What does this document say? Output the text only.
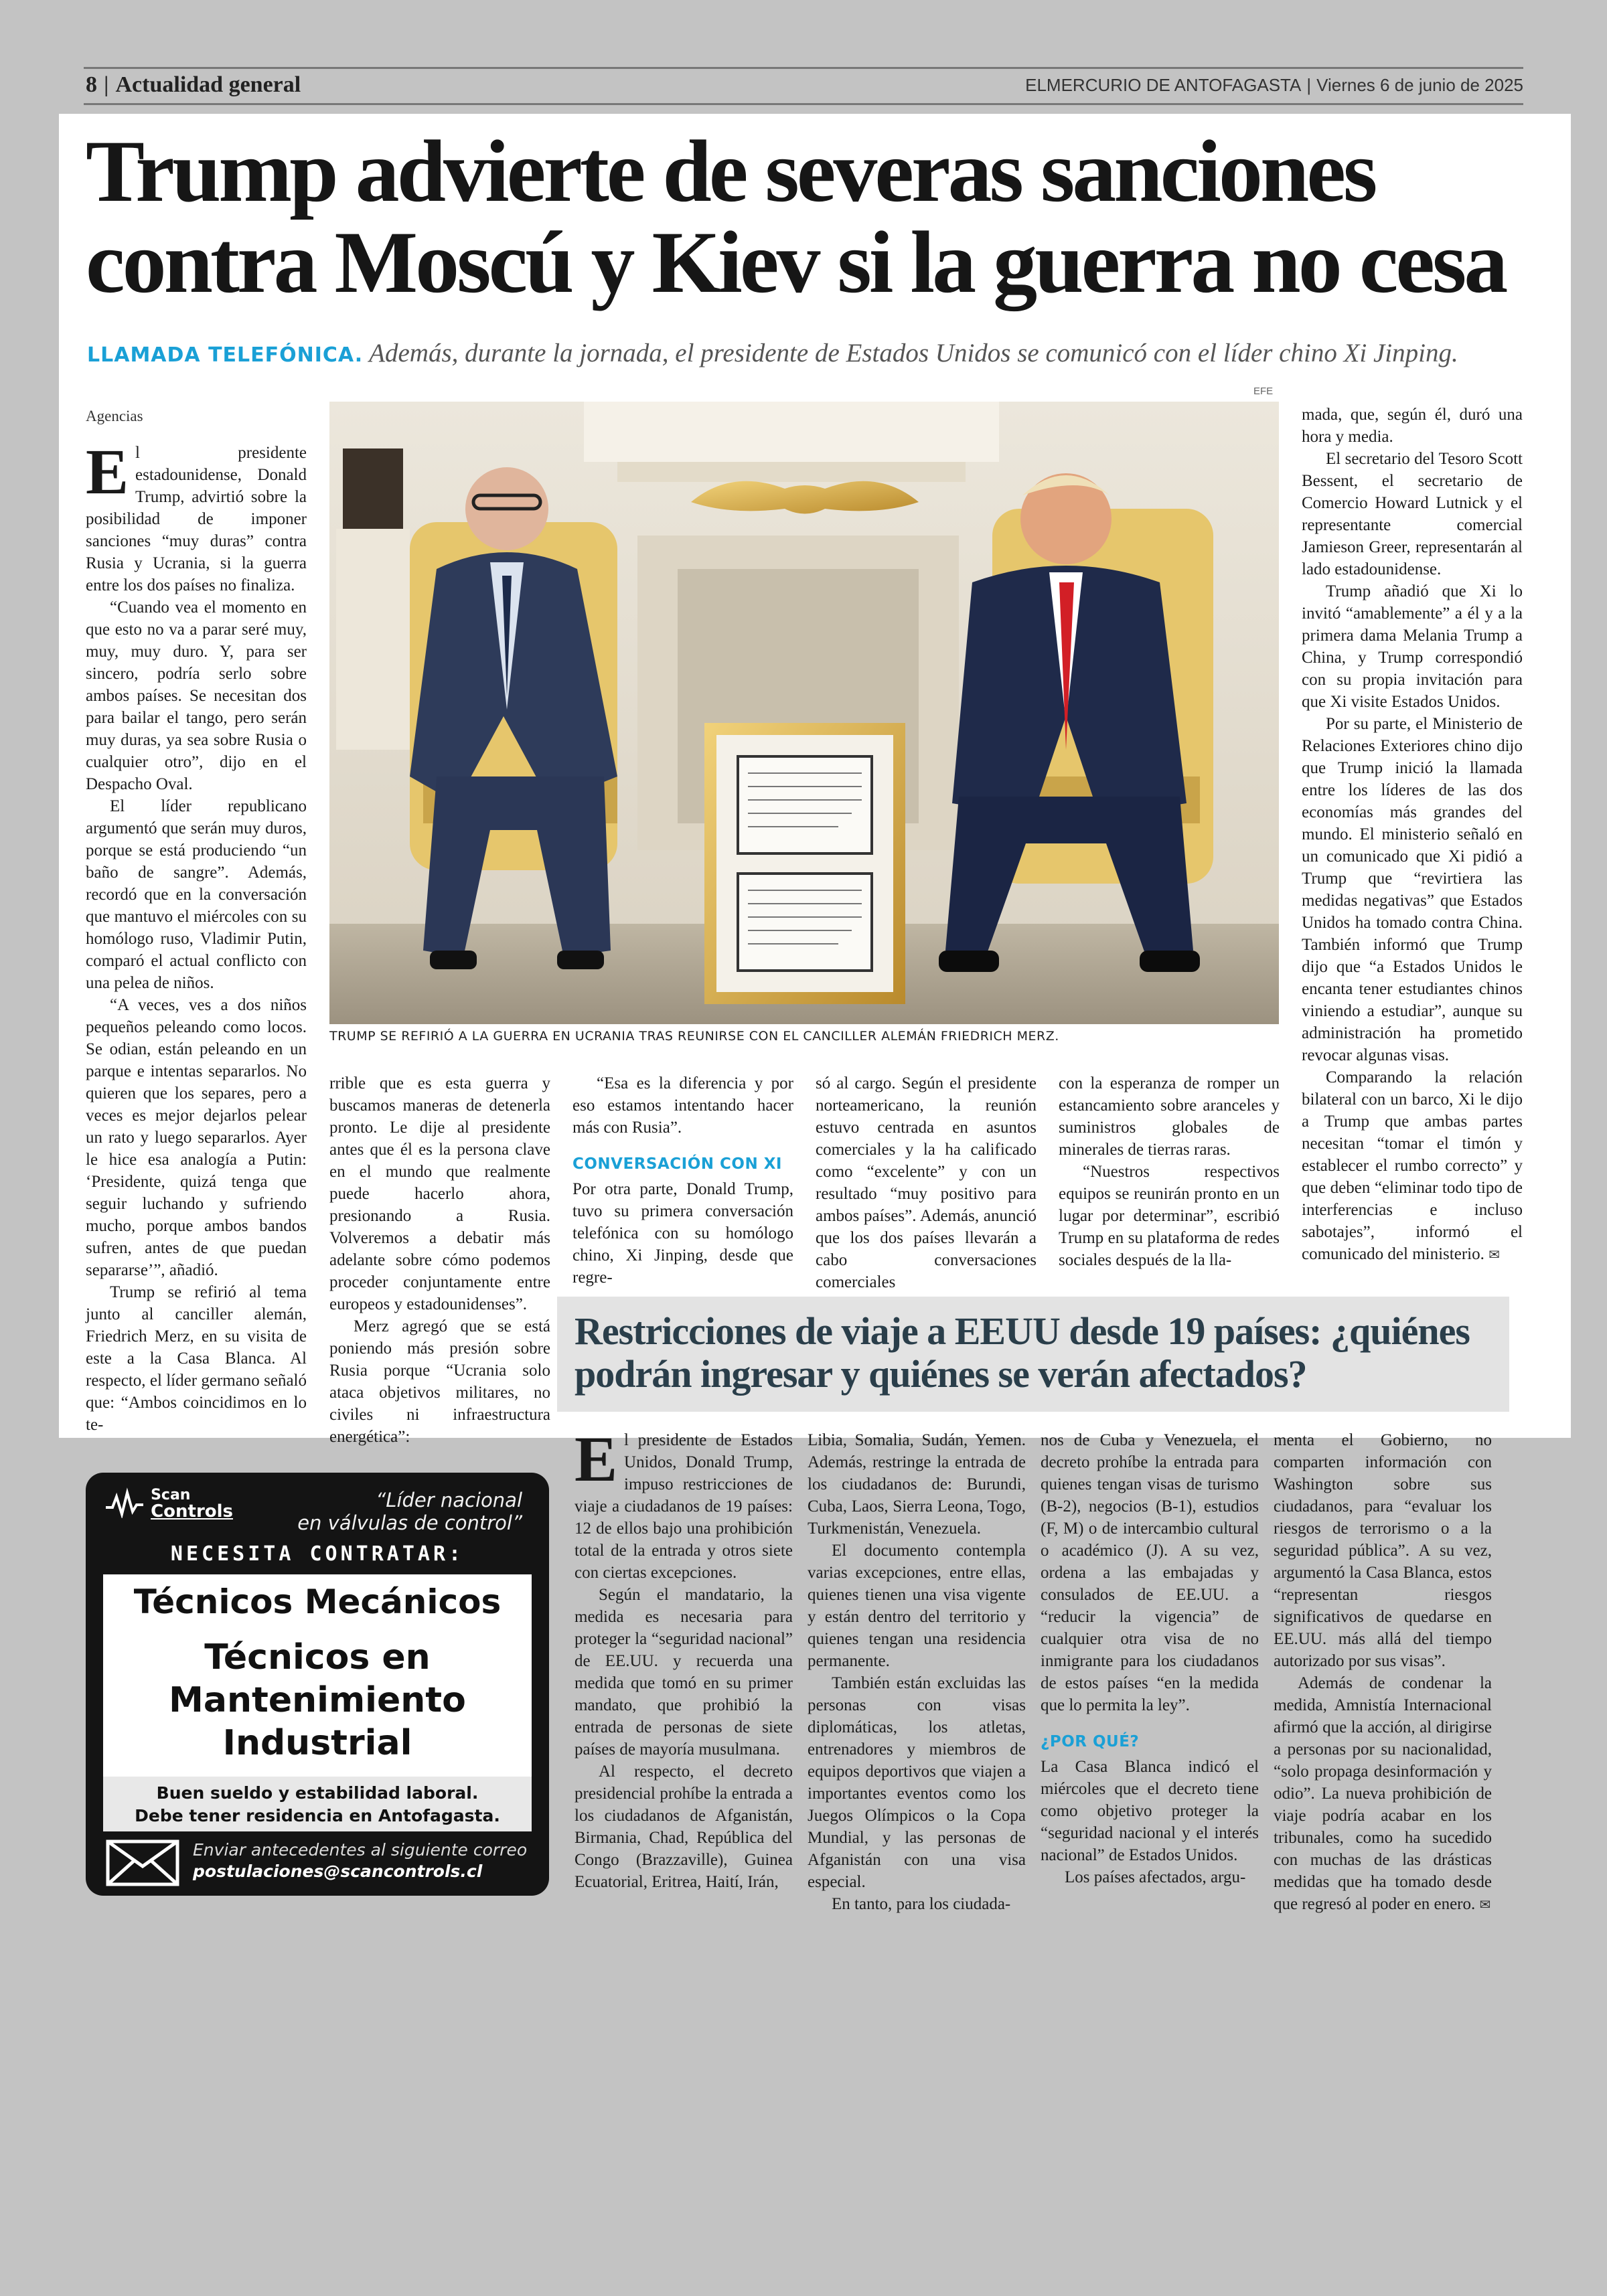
8 | Actualidad general	ELMERCURIO DE ANTOFAGASTA | Viernes 6 de junio de 2025
Trump advierte de severas sanciones
contra Moscú y Kiev si la guerra no cesa
LLAMADA TELEFÓNICA. Además, durante la jornada, el presidente de Estados Unidos se comunicó con el líder chino Xi Jinping.
EFE

Agencias

El presidente estadounidense, Donald Trump, advirtió sobre la posibilidad de imponer sanciones “muy duras” contra Rusia y Ucrania, si la guerra entre los dos países no finaliza.

“Cuando vea el momento en que esto no va a parar seré muy, muy, muy duro. Y, para ser sincero, podría serlo sobre ambos países. Se necesitan dos para bailar el tango, pero serán muy duras, ya sea sobre Rusia o cualquier otro”, dijo en el Despacho Oval.

El líder republicano argumentó que serán muy duros, porque se está produciendo “un baño de sangre”. Además, recordó que en la conversación que mantuvo el miércoles con su homólogo ruso, Vladimir Putin, comparó el actual conflicto con una pelea de niños.

“A veces, ves a dos niños pequeños peleando como locos. Se odian, están peleando en un parque e intentas separarlos. No quieren que los separes, pero a veces es mejor dejarlos pelear un rato y luego separarlos. Ayer le hice esa analogía a Putin: ‘Presidente, quizá tenga que seguir luchando y sufriendo mucho, porque ambos bandos sufren, antes de que puedan separarse’”, añadió.

Trump se refirió al tema junto al canciller alemán, Friedrich Merz, en su visita de este a la Casa Blanca. Al respecto, el líder germano señaló que: “Ambos coincidimos en lo te-

TRUMP SE REFIRIÓ A LA GUERRA EN UCRANIA TRAS REUNIRSE CON EL CANCILLER ALEMÁN FRIEDRICH MERZ.

rrible que es esta guerra y buscamos maneras de detenerla pronto. Le dije al presidente antes que él es la persona clave en el mundo que realmente puede hacerlo ahora, presionando a Rusia. Volveremos a debatir más adelante sobre cómo podemos proceder conjuntamente entre europeos y estadounidenses”.

Merz agregó que se está poniendo más presión sobre Rusia porque “Ucrania solo ataca objetivos militares, no civiles ni infraestructura energética”:

“Esa es la diferencia y por eso estamos intentando hacer más con Rusia”.

CONVERSACIÓN CON XI

Por otra parte, Donald Trump, tuvo su primera conversación telefónica con su homólogo chino, Xi Jinping, desde que regre-

só al cargo. Según el presidente norteamericano, la reunión estuvo centrada en asuntos comerciales y la ha calificado como “excelente” y con un resultado “muy positivo para ambos países”. Además, anunció que los dos países llevarán a cabo conversaciones comerciales

con la esperanza de romper un estancamiento sobre aranceles y suministros globales de minerales de tierras raras.

“Nuestros respectivos equipos se reunirán pronto en un lugar por determinar”, escribió Trump en su plataforma de redes sociales después de la lla-

mada, que, según él, duró una hora y media.

El secretario del Tesoro Scott Bessent, el secretario de Comercio Howard Lutnick y el representante comercial Jamieson Greer, representarán al lado estadounidense.

Trump añadió que Xi lo invitó “amablemente” a él y a la primera dama Melania Trump a China, y Trump correspondió con su propia invitación para que Xi visite Estados Unidos.

Por su parte, el Ministerio de Relaciones Exteriores chino dijo que Trump inició la llamada entre los líderes de las dos economías más grandes del mundo. El ministerio señaló en un comunicado que Xi pidió a Trump que “revirtiera las medidas negativas” que Estados Unidos ha tomado contra China. También informó que Trump dijo que “a Estados Unidos le encanta tener estudiantes chinos viniendo a estudiar”, aunque su administración ha prometido revocar algunas visas.

Comparando la relación bilateral con un barco, Xi le dijo a Trump que ambas partes necesitan “tomar el timón y establecer el rumbo correcto” y que deben “eliminar todo tipo de interferencias e incluso sabotajes”, informó el comunicado del ministerio. ✉

Restricciones de viaje a EEUU desde 19 países: ¿quiénes podrán ingresar y quiénes se verán afectados?

El presidente de Estados Unidos, Donald Trump, impuso restricciones de viaje a ciudadanos de 19 países: 12 de ellos bajo una prohibición total de la entrada y otros siete con ciertas excepciones.

Según el mandatario, la medida es necesaria para proteger la “seguridad nacional” de EE.UU. y recuerda una medida que tomó en su primer mandato, que prohibió la entrada de personas de siete países de mayoría musulmana.

Al respecto, el decreto presidencial prohíbe la entrada a los ciudadanos de Afganistán, Birmania, Chad, República del Congo (Brazzaville), Guinea Ecuatorial, Eritrea, Haití, Irán,

Libia, Somalia, Sudán, Yemen. Además, restringe la entrada de los ciudadanos de: Burundi, Cuba, Laos, Sierra Leona, Togo, Turkmenistán, Venezuela.

El documento contempla varias excepciones, entre ellas, quienes tienen una visa vigente y están dentro del territorio y quienes tengan una residencia permanente.

También están excluidas las personas con visas diplomáticas, los atletas, entrenadores y miembros de equipos deportivos que viajen a importantes eventos como los Juegos Olímpicos o la Copa Mundial, y las personas de Afganistán con una visa especial.

En tanto, para los ciudada-

nos de Cuba y Venezuela, el decreto prohíbe la entrada para quienes tengan visas de turismo (B-2), negocios (B-1), estudios (F, M) o de intercambio cultural o académico (J). A su vez, ordena a las embajadas y consulados de EE.UU. a “reducir la vigencia” de cualquier otra visa de no inmigrante para los ciudadanos de estos países “en la medida que lo permita la ley”.

¿POR QUÉ?

La Casa Blanca indicó el miércoles que el decreto tiene como objetivo proteger la “seguridad nacional y el interés nacional” de Estados Unidos.

Los países afectados, argu-

menta el Gobierno, no comparten información con Washington sobre sus ciudadanos, para “evaluar los riesgos de terrorismo o a la seguridad pública”. A su vez, argumentó la Casa Blanca, estos “representan riesgos significativos de quedarse en EE.UU. más allá del tiempo autorizado por sus visas”.

Además de condenar la medida, Amnistía Internacional afirmó que la acción, al dirigirse a personas por su nacionalidad, “solo propaga desinformación y odio”. La nueva prohibición de viaje podría acabar en los tribunales, como ha sucedido con muchas de las drásticas medidas que ha tomado desde que regresó al poder en enero. ✉

Scan
Controls	“Líder nacional
en válvulas de control”
NECESITA CONTRATAR:
Técnicos Mecánicos
Técnicos en
Mantenimiento
Industrial
Buen sueldo y estabilidad laboral.
Debe tener residencia en Antofagasta.
Enviar antecedentes al siguiente correo
postulaciones@scancontrols.cl
